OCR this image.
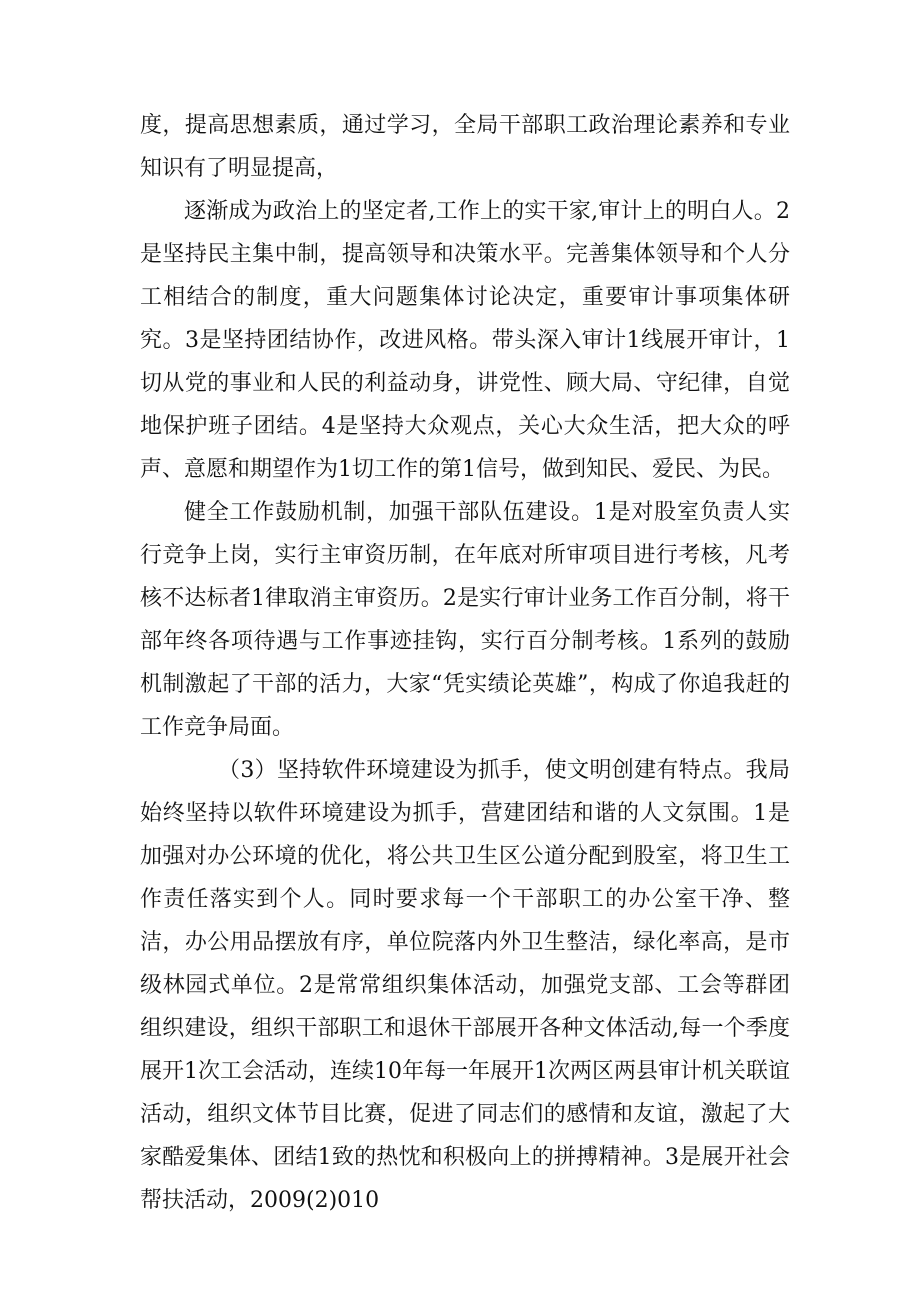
度，提高思想素质，通过学习，全局干部职工政治理论素养和专业知识有了明显提高，

逐渐成为政治上的坚定者,工作上的实干家,审计上的明白人。2是坚持民主集中制，提高领导和决策水平。完善集体领导和个人分工相结合的制度，重大问题集体讨论决定，重要审计事项集体研究。3是坚持团结协作，改进风格。带头深入审计1线展开审计，1切从党的事业和人民的利益动身，讲党性、顾大局、守纪律，自觉地保护班子团结。4是坚持大众观点，关心大众生活，把大众的呼声、意愿和期望作为1切工作的第1信号，做到知民、爱民、为民。

健全工作鼓励机制，加强干部队伍建设。1是对股室负责人实行竞争上岗，实行主审资历制，在年底对所审项目进行考核，凡考核不达标者1律取消主审资历。2是实行审计业务工作百分制，将干部年终各项待遇与工作事迹挂钩，实行百分制考核。1系列的鼓励机制激起了干部的活力，大家“凭实绩论英雄”，构成了你追我赶的工作竞争局面。

（3）坚持软件环境建设为抓手，使文明创建有特点。我局始终坚持以软件环境建设为抓手，营建团结和谐的人文氛围。1是加强对办公环境的优化，将公共卫生区公道分配到股室，将卫生工作责任落实到个人。同时要求每一个干部职工的办公室干净、整洁，办公用品摆放有序，单位院落内外卫生整洁，绿化率高，是市级林园式单位。2是常常组织集体活动，加强党支部、工会等群团组织建设，组织干部职工和退休干部展开各种文体活动,每一个季度展开1次工会活动，连续10年每一年展开1次两区两县审计机关联谊活动，组织文体节目比赛，促进了同志们的感情和友谊，激起了大家酷爱集体、团结1致的热忱和积极向上的拼搏精神。3是展开社会帮扶活动，2009(2)010
